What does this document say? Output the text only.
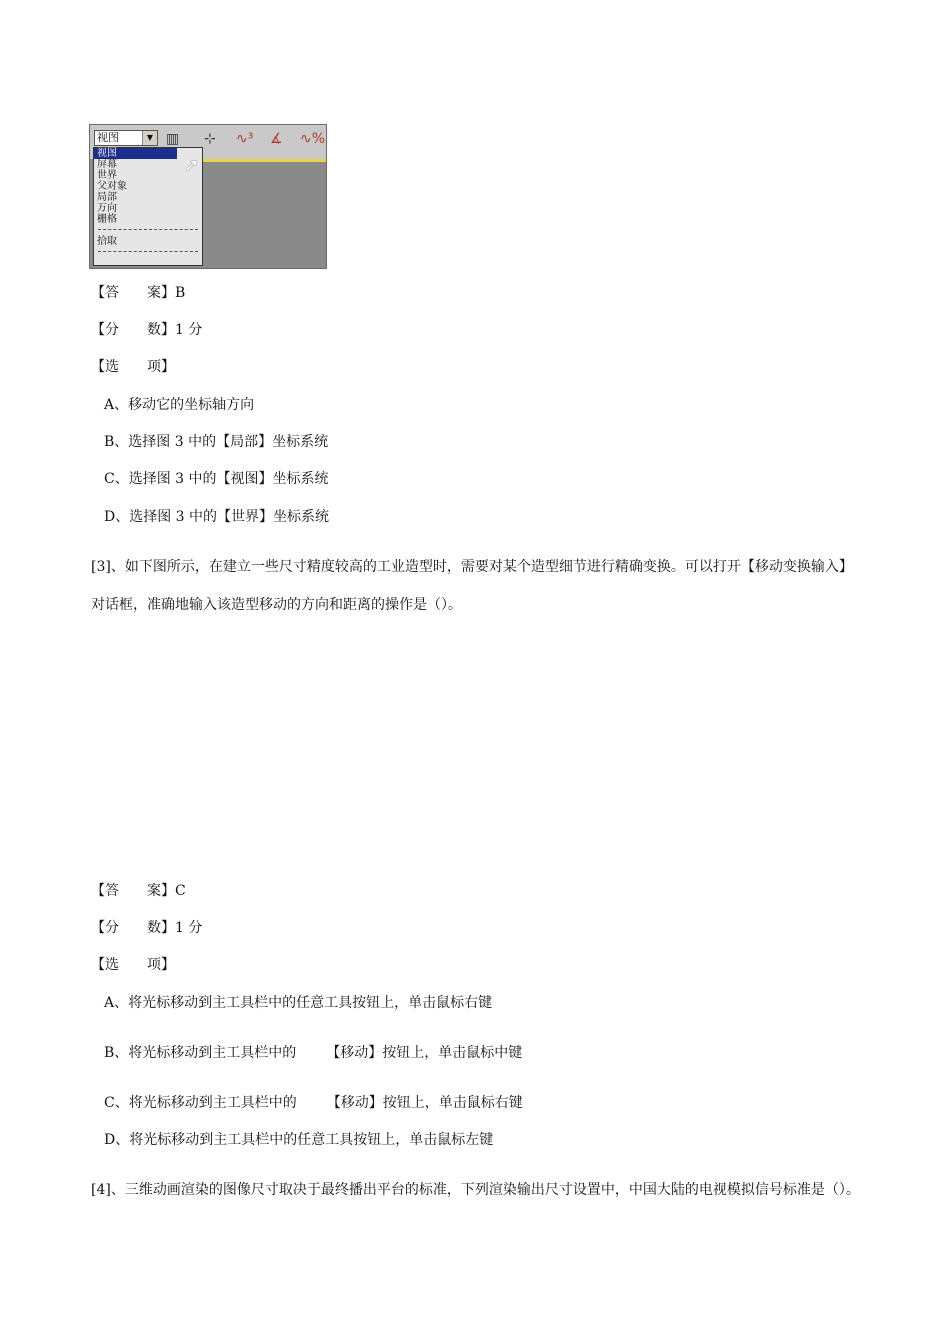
视图	▼ ▥ ⊹ ∿³ ∡ ∿%
视图
屏幕
世界
父对象
局部
万向
栅格
拾取
➚
【答　　案】B
【分　　数】1 分
【选　　项】
A、移动它的坐标轴方向
B、选择图 3 中的【局部】坐标系统
C、选择图 3 中的【视图】坐标系统
D、选择图 3 中的【世界】坐标系统
[3]、如下图所示，在建立一些尺寸精度较高的工业造型时，需要对某个造型细节进行精确变换。可以打开【移动变换输入】
对话框，准确地输入该造型移动的方向和距离的操作是（）。
【答　　案】C
【分　　数】1 分
【选　　项】
A、将光标移动到主工具栏中的任意工具按钮上，单击鼠标右键
B、将光标移动到主工具栏中的 【移动】按钮上，单击鼠标中键
C、将光标移动到主工具栏中的 【移动】按钮上，单击鼠标右键
D、将光标移动到主工具栏中的任意工具按钮上，单击鼠标左键
[4]、三维动画渲染的图像尺寸取决于最终播出平台的标准，下列渲染输出尺寸设置中，中国大陆的电视模拟信号标准是（）。
